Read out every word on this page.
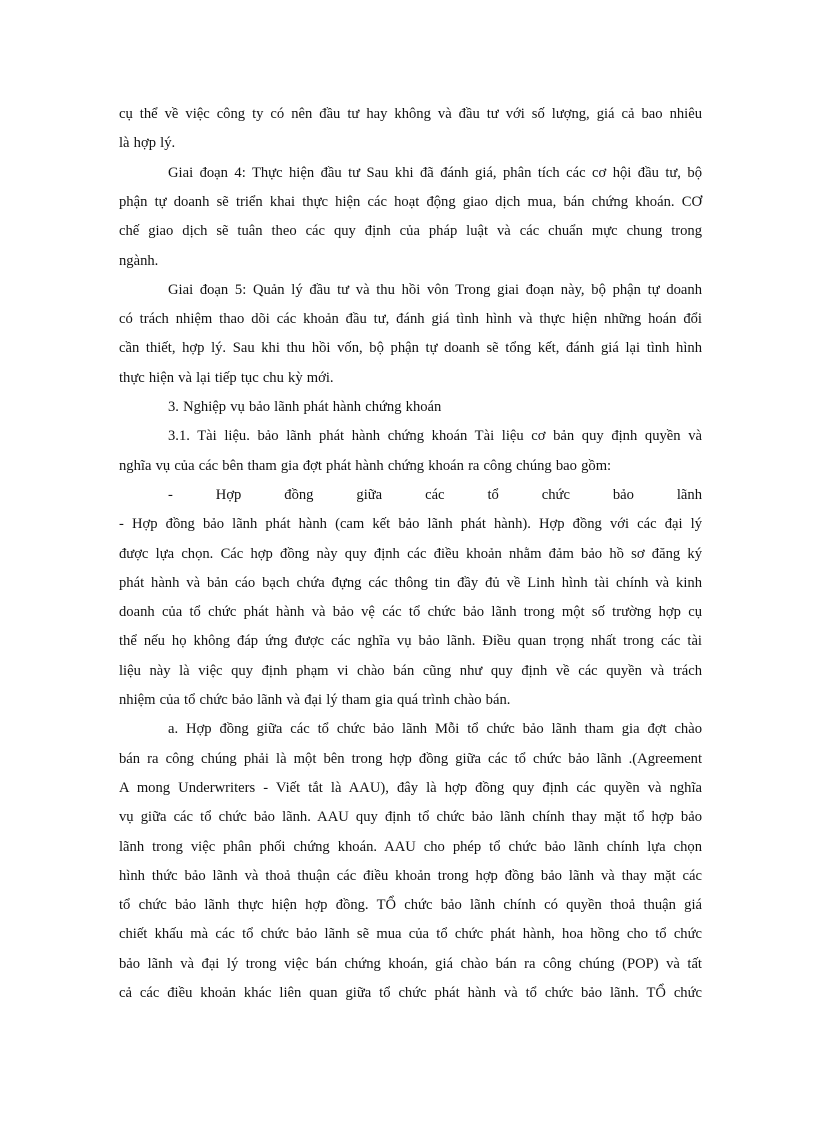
cụ thể về việc công ty có nên đầu tư hay không và đầu tư với số lượng, giá cả bao nhiêu
là hợp lý.
Giai đoạn 4: Thực hiện đầu tư Sau khi đã đánh giá, phân tích các cơ hội đầu tư, bộ
phận tự doanh sẽ triển khai thực hiện các hoạt động giao dịch mua, bán chứng khoán. CƠ
chế giao dịch sẽ tuân theo các quy định của pháp luật và các chuẩn mực chung trong
ngành.
Giai đoạn 5: Quản lý đầu tư và thu hồi vôn Trong giai đoạn này, bộ phận tự doanh
có trách nhiệm thao dõi các khoản đầu tư, đánh giá tình hình và thực hiện những hoán đổi
cần thiết, hợp lý. Sau khi thu hồi vốn, bộ phận tự doanh sẽ tổng kết, đánh giá lại tình hình
thực hiện và lại tiếp tục chu kỳ mới.
3. Nghiệp vụ bảo lãnh phát hành chứng khoán
3.1. Tài liệu. bảo lãnh phát hành chứng khoán Tài liệu cơ bản quy định quyền và
nghĩa vụ của các bên tham gia đợt phát hành chứng khoán ra công chúng bao gồm:
- Hợp đồng giữa các tổ chức bảo lãnh
- Hợp đồng bảo lãnh phát hành (cam kết bảo lãnh phát hành). Hợp đồng với các đại lý
được lựa chọn. Các hợp đồng này quy định các điều khoản nhằm đảm bảo hồ sơ đăng ký
phát hành và bản cáo bạch chứa đựng các thông tin đầy đủ về Linh hình tài chính và kinh
doanh của tổ chức phát hành và bảo vệ các tổ chức bảo lãnh trong một số trường hợp cụ
thể nếu họ không đáp ứng được các nghĩa vụ bảo lãnh. Điều quan trọng nhất trong các tài
liệu này là việc quy định phạm vi chào bán cũng như quy định về các quyền và trách
nhiệm của tổ chức bảo lãnh và đại lý tham gia quá trình chào bán.
a. Hợp đồng giữa các tổ chức bảo lãnh Mỗi tổ chức bảo lãnh tham gia đợt chào
bán ra công chúng phải là một bên trong hợp đồng giữa các tổ chức bảo lãnh .(Agreement
A mong Underwriters - Viết tắt là AAU), đây là hợp đồng quy định các quyền và nghĩa
vụ giữa các tổ chức bảo lãnh. AAU quy định tổ chức bảo lãnh chính thay mặt tổ hợp bảo
lãnh trong việc phân phối chứng khoán. AAU cho phép tổ chức bảo lãnh chính lựa chọn
hình thức bảo lãnh và thoả thuận các điều khoản trong hợp đồng bảo lãnh và thay mặt các
tổ chức bảo lãnh thực hiện hợp đồng. TỔ chức bảo lãnh chính có quyền thoả thuận giá
chiết khấu mà các tổ chức bảo lãnh sẽ mua của tổ chức phát hành, hoa hồng cho tổ chức
bảo lãnh và đại lý trong việc bán chứng khoán, giá chào bán ra công chúng (POP) và tất
cả các điều khoản khác liên quan giữa tổ chức phát hành và tổ chức bảo lãnh. TỔ chức
